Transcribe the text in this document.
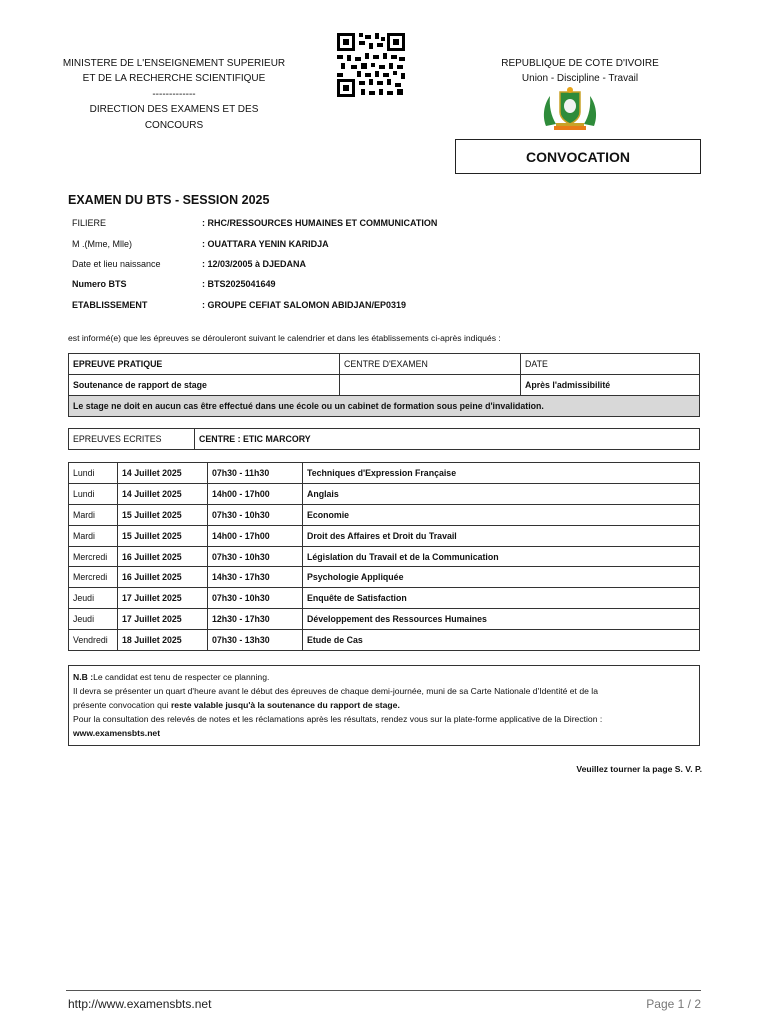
MINISTERE DE L'ENSEIGNEMENT SUPERIEUR
ET DE LA RECHERCHE SCIENTIFIQUE
-------------
DIRECTION DES EXAMENS ET DES
CONCOURS
REPUBLIQUE DE COTE D'IVOIRE
Union - Discipline - Travail
CONVOCATION
EXAMEN DU BTS - SESSION 2025
FILIERE	: RHC/RESSOURCES HUMAINES ET COMMUNICATION
M .(Mme, Mlle)	: OUATTARA YENIN KARIDJA
Date et lieu naissance	: 12/03/2005 à DJEDANA
Numero BTS	: BTS2025041649
ETABLISSEMENT	: GROUPE CEFIAT SALOMON ABIDJAN/EP0319
est informé(e) que les épreuves se dérouleront suivant le calendrier et dans les établissements ci-après indiqués :
EPREUVE PRATIQUE	CENTRE D'EXAMEN	DATE
Soutenance de rapport de stage		Après l'admissibilité
Le stage ne doit en aucun cas être effectué dans une école ou un cabinet de formation sous peine d'invalidation.		
EPREUVES ECRITES	CENTRE : ETIC MARCORY
Lundi	14 Juillet 2025	07h30 - 11h30	Techniques d'Expression Française
Lundi	14 Juillet 2025	14h00 - 17h00	Anglais
Mardi	15 Juillet 2025	07h30 - 10h30	Economie
Mardi	15 Juillet 2025	14h00 - 17h00	Droit des Affaires et Droit du Travail
Mercredi	16 Juillet 2025	07h30 - 10h30	Législation du Travail et de la Communication
Mercredi	16 Juillet 2025	14h30 - 17h30	Psychologie Appliquée
Jeudi	17 Juillet 2025	07h30 - 10h30	Enquête de Satisfaction
Jeudi	17 Juillet 2025	12h30 - 17h30	Développement des Ressources Humaines
Vendredi	18 Juillet 2025	07h30 - 13h30	Etude de Cas
N.B :Le candidat est tenu de respecter ce planning.
Il devra se présenter un quart d'heure avant le début des épreuves de chaque demi-journée, muni de sa Carte Nationale d'Identité et de la
présente convocation qui reste valable jusqu'à la soutenance du rapport de stage.
Pour la consultation des relevés de notes et les réclamations après les résultats, rendez vous sur la plate-forme applicative de la Direction :
www.examensbts.net
Veuillez tourner la page S. V. P.
http://www.examensbts.net	Page 1 / 2
